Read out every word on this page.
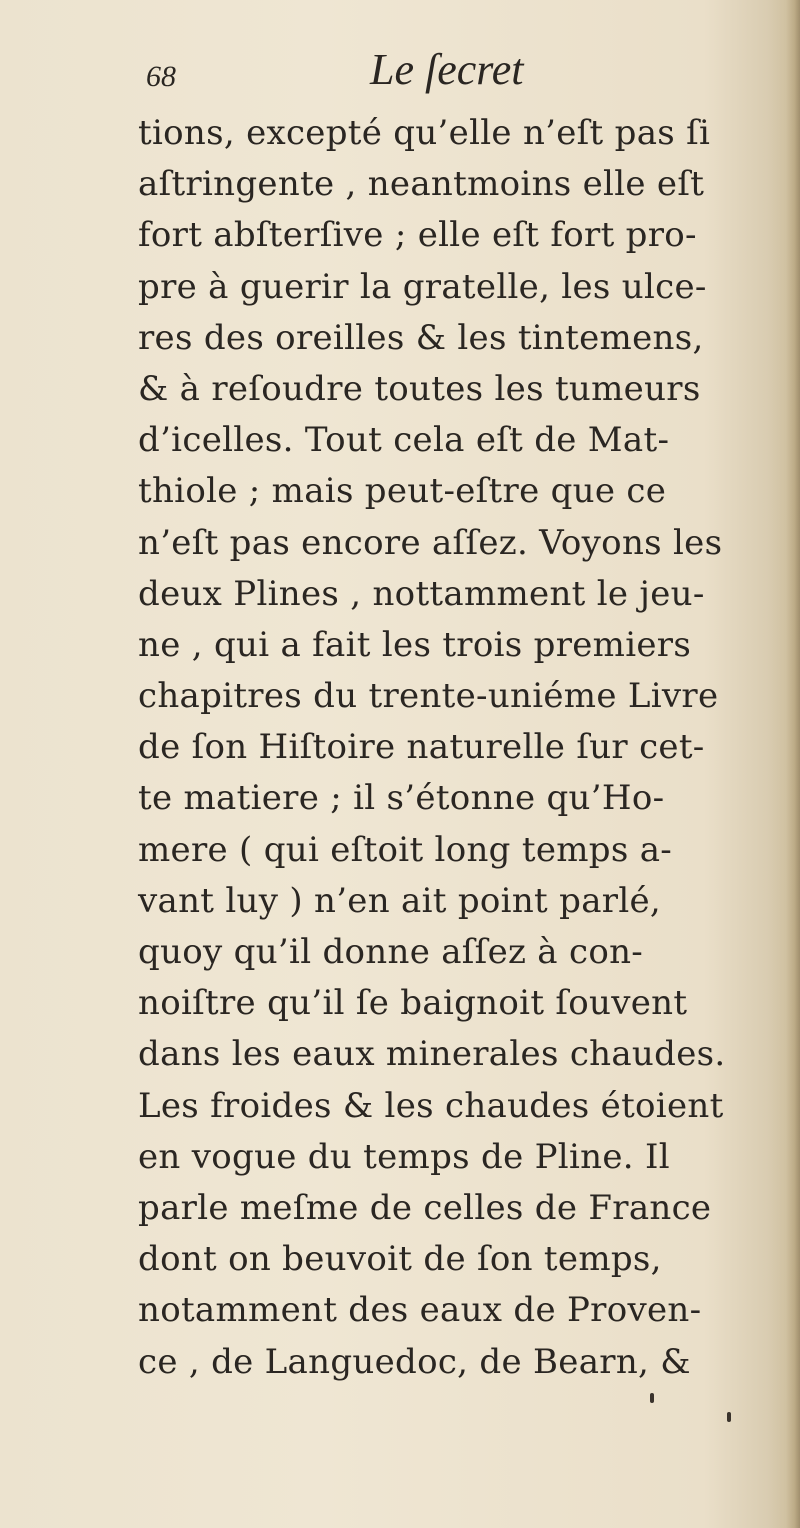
68	Le ſecret
tions, excepté qu’elle n’eſt pas ſi
aſtringente , neantmoins elle eſt
fort abſterſive ; elle eſt fort pro-
pre à guerir la gratelle, les ulce-
res des oreilles & les tintemens,
& à reſoudre toutes les tumeurs
d’icelles. Tout cela eſt de Mat-
thiole ; mais peut-eſtre que ce
n’eſt pas encore aſſez. Voyons les
deux Plines , nottamment le jeu-
ne , qui a fait les trois premiers
chapitres du trente-uniéme Livre
de ſon Hiſtoire naturelle ſur cet-
te matiere ; il s’étonne qu’Ho-
mere ( qui eſtoit long temps a-
vant luy ) n’en ait point parlé,
quoy qu’il donne aſſez à con-
noiſtre qu’il ſe baignoit ſouvent
dans les eaux minerales chaudes.
Les froides & les chaudes étoient
en vogue du temps de Pline. Il
parle meſme de celles de France
dont on beuvoit de ſon temps,
notamment des eaux de Proven-
ce , de Languedoc, de Bearn, &
